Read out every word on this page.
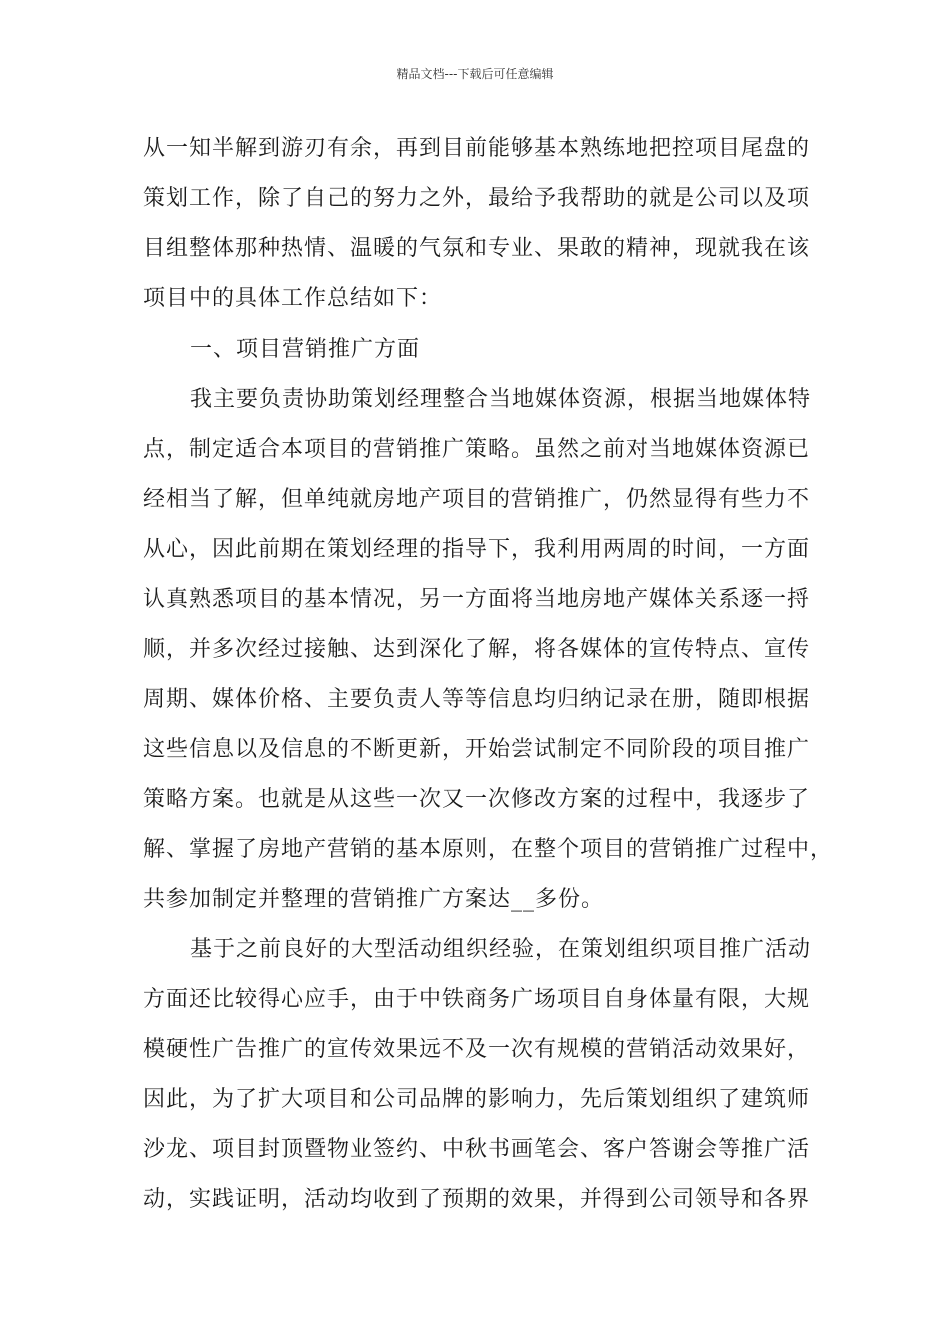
精品文档---下载后可任意编辑
从一知半解到游刃有余，再到目前能够基本熟练地把控项目尾盘的
策划工作，除了自己的努力之外，最给予我帮助的就是公司以及项
目组整体那种热情、温暖的气氛和专业、果敢的精神，现就我在该
项目中的具体工作总结如下：
一、项目营销推广方面
我主要负责协助策划经理整合当地媒体资源，根据当地媒体特
点，制定适合本项目的营销推广策略。虽然之前对当地媒体资源已
经相当了解，但单纯就房地产项目的营销推广，仍然显得有些力不
从心，因此前期在策划经理的指导下，我利用两周的时间，一方面
认真熟悉项目的基本情况，另一方面将当地房地产媒体关系逐一捋
顺，并多次经过接触、达到深化了解，将各媒体的宣传特点、宣传
周期、媒体价格、主要负责人等等信息均归纳记录在册，随即根据
这些信息以及信息的不断更新，开始尝试制定不同阶段的项目推广
策略方案。也就是从这些一次又一次修改方案的过程中，我逐步了
解、掌握了房地产营销的基本原则，在整个项目的营销推广过程中，
共参加制定并整理的营销推广方案达__多份。
基于之前良好的大型活动组织经验，在策划组织项目推广活动
方面还比较得心应手，由于中铁商务广场项目自身体量有限，大规
模硬性广告推广的宣传效果远不及一次有规模的营销活动效果好，
因此，为了扩大项目和公司品牌的影响力，先后策划组织了建筑师
沙龙、项目封顶暨物业签约、中秋书画笔会、客户答谢会等推广活
动，实践证明，活动均收到了预期的效果，并得到公司领导和各界
